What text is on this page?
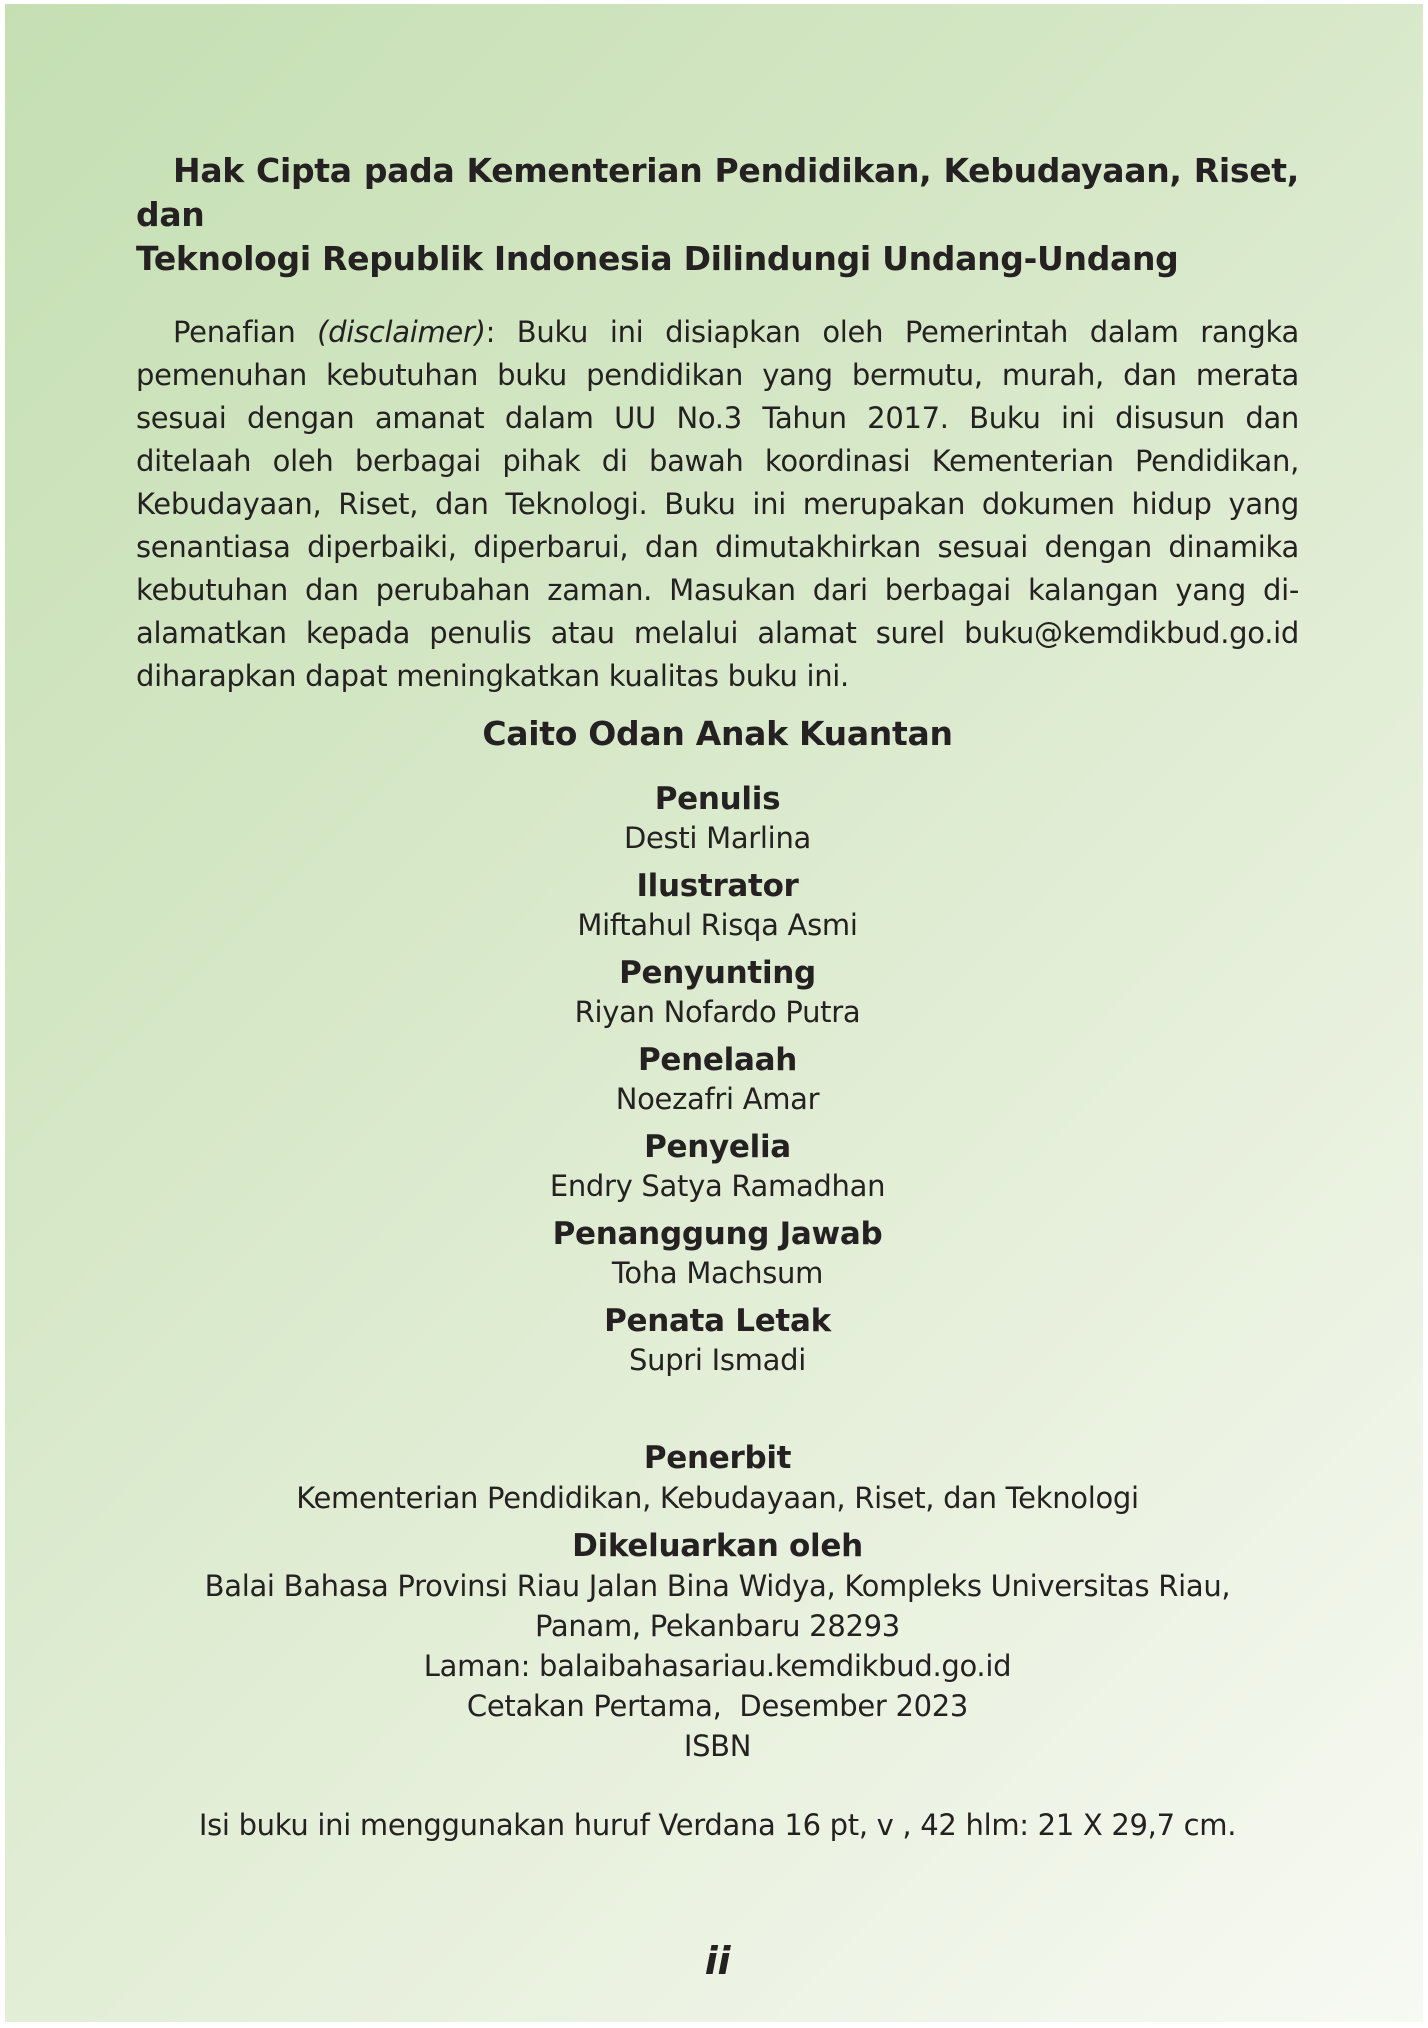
Hak Cipta pada Kementerian Pendidikan, Kebudayaan, Riset, dan
Teknologi Republik Indonesia Dilindungi Undang-Undang
Penafian (disclaimer): Buku ini disiapkan oleh Pemerintah dalam rangka
pemenuhan kebutuhan buku pendidikan yang bermutu, murah, dan merata
sesuai dengan amanat dalam UU No.3 Tahun 2017. Buku ini disusun dan
ditelaah oleh berbagai pihak di bawah koordinasi Kementerian Pendidikan,
Kebudayaan, Riset, dan Teknologi. Buku ini merupakan dokumen hidup yang
senantiasa diperbaiki, diperbarui, dan dimutakhirkan sesuai dengan dinamika
kebutuhan dan perubahan zaman. Masukan dari berbagai kalangan yang di-
alamatkan kepada penulis atau melalui alamat surel buku@kemdikbud.go.id
diharapkan dapat meningkatkan kualitas buku ini.
Caito Odan Anak Kuantan
Penulis
Desti Marlina
Ilustrator
Miftahul Risqa Asmi
Penyunting
Riyan Nofardo Putra
Penelaah
Noezafri Amar
Penyelia
Endry Satya Ramadhan
Penanggung Jawab
Toha Machsum
Penata Letak
Supri Ismadi
Penerbit
Kementerian Pendidikan, Kebudayaan, Riset, dan Teknologi
Dikeluarkan oleh
Balai Bahasa Provinsi Riau Jalan Bina Widya, Kompleks Universitas Riau,
Panam, Pekanbaru 28293
Laman: balaibahasariau.kemdikbud.go.id
Cetakan Pertama,  Desember 2023
ISBN
Isi buku ini menggunakan huruf Verdana 16 pt, v , 42 hlm: 21 X 29,7 cm.
ii
